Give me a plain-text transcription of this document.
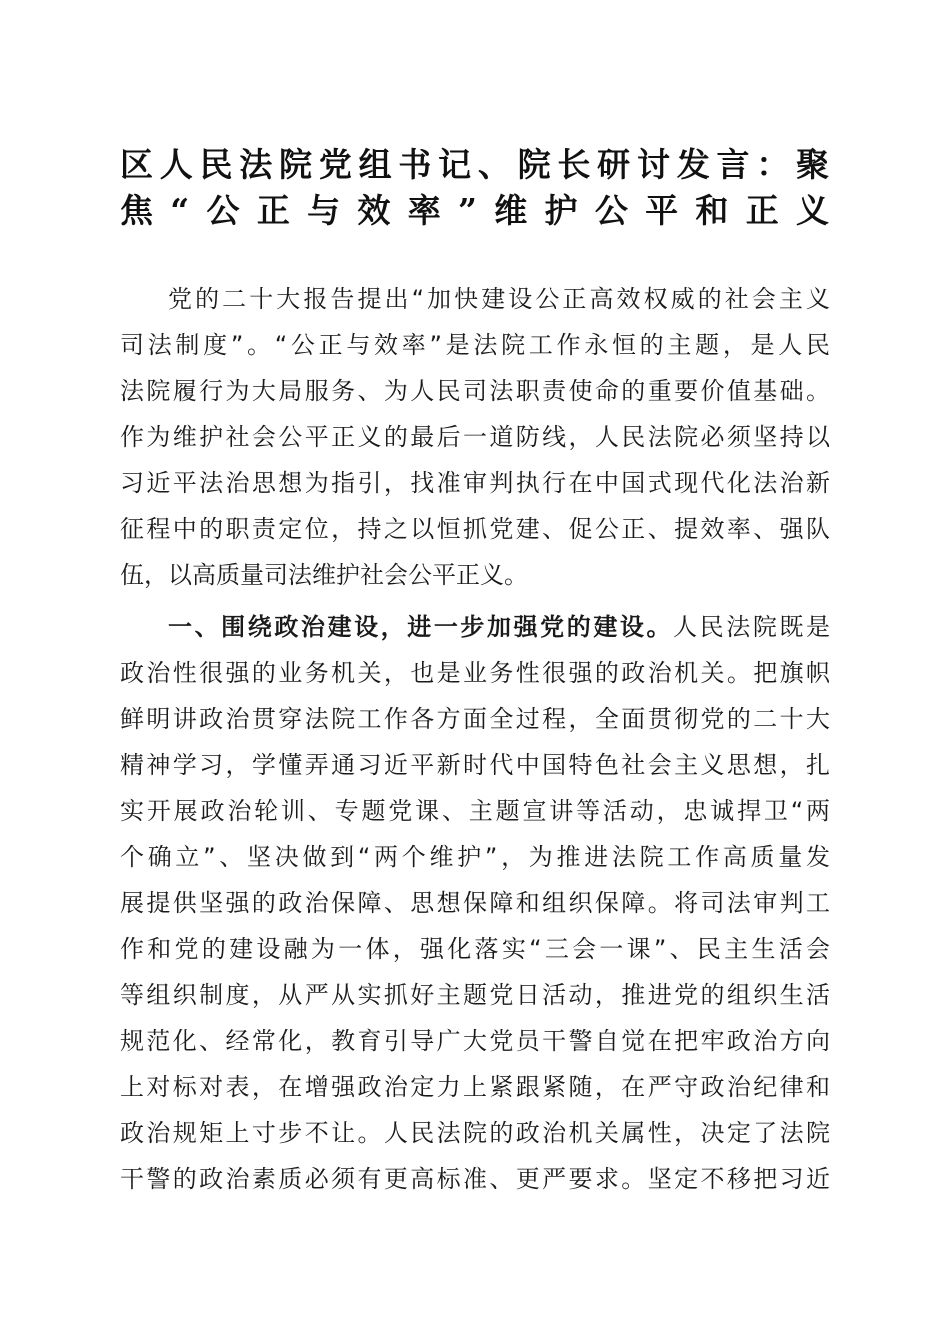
区人民法院党组书记、院长研讨发言：聚
焦“公正与效率”维护公平和正义
党的二十大报告提出“加快建设公正高效权威的社会主义
司法制度”。“公正与效率”是法院工作永恒的主题，是人民
法院履行为大局服务、为人民司法职责使命的重要价值基础。
作为维护社会公平正义的最后一道防线，人民法院必须坚持以
习近平法治思想为指引，找准审判执行在中国式现代化法治新
征程中的职责定位，持之以恒抓党建、促公正、提效率、强队
伍，以高质量司法维护社会公平正义。
一、围绕政治建设，进一步加强党的建设。人民法院既是
政治性很强的业务机关，也是业务性很强的政治机关。把旗帜
鲜明讲政治贯穿法院工作各方面全过程，全面贯彻党的二十大
精神学习，学懂弄通习近平新时代中国特色社会主义思想，扎
实开展政治轮训、专题党课、主题宣讲等活动，忠诚捍卫“两
个确立”、坚决做到“两个维护”，为推进法院工作高质量发
展提供坚强的政治保障、思想保障和组织保障。将司法审判工
作和党的建设融为一体，强化落实“三会一课”、民主生活会
等组织制度，从严从实抓好主题党日活动，推进党的组织生活
规范化、经常化，教育引导广大党员干警自觉在把牢政治方向
上对标对表，在增强政治定力上紧跟紧随，在严守政治纪律和
政治规矩上寸步不让。人民法院的政治机关属性，决定了法院
干警的政治素质必须有更高标准、更严要求。坚定不移把习近
